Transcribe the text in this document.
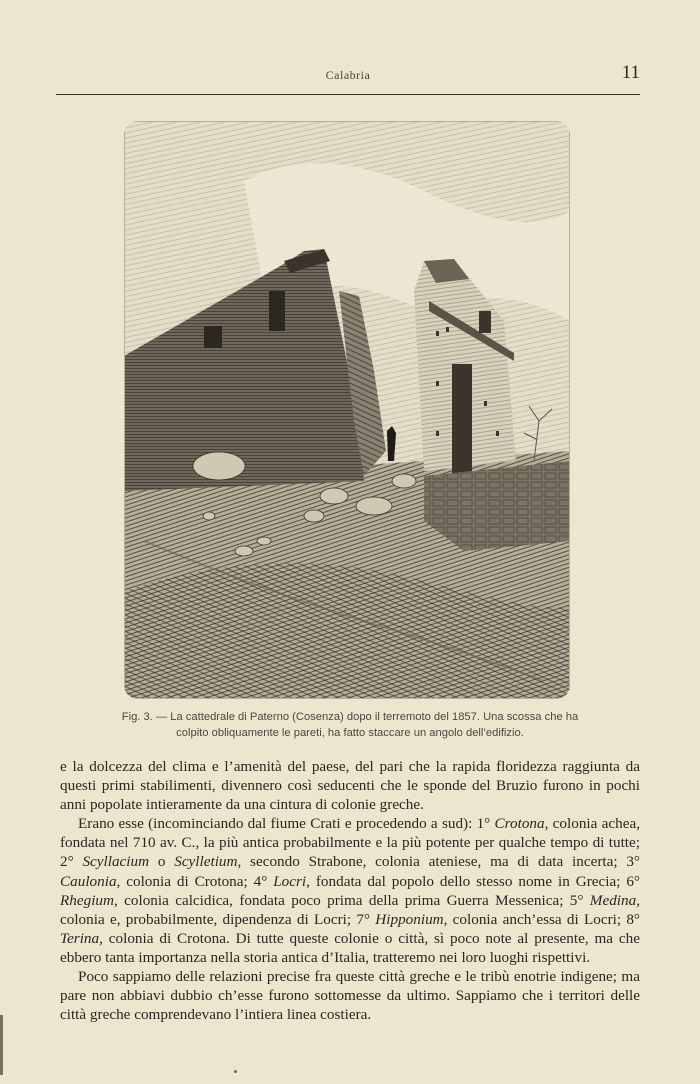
Calabria	11
Fig. 3. — La cattedrale di Paterno (Cosenza) dopo il terremoto del 1857. Una scossa che ha
colpito obliquamente le pareti, ha fatto staccare un angolo dell’edifizio.

e la dolcezza del clima e l’amenità del paese, del pari che la rapida floridezza raggiunta da questi primi stabilimenti, divennero così seducenti che le sponde del Bruzio furono in pochi anni popolate intieramente da una cintura di colonie greche.

Erano esse (incominciando dal fiume Crati e procedendo a sud): 1° Crotona, colonia achea, fondata nel 710 av. C., la più antica probabilmente e la più potente per qualche tempo di tutte; 2° Scyllacium o Scylletium, secondo Strabone, colonia ateniese, ma di data incerta; 3° Caulonia, colonia di Crotona; 4° Locri, fondata dal popolo dello stesso nome in Grecia; 6° Rhegium, colonia calcidica, fondata poco prima della prima Guerra Messenica; 5° Medina, colonia e, probabilmente, dipendenza di Locri; 7° Hipponium, colonia anch’essa di Locri; 8° Terina, colonia di Crotona. Di tutte queste colonie o città, sì poco note al presente, ma che ebbero tanta importanza nella storia antica d’Italia, tratteremo nei loro luoghi rispettivi.

Poco sappiamo delle relazioni precise fra queste città greche e le tribù enotrie indigene; ma pare non abbiavi dubbio ch’esse furono sottomesse da ultimo. Sappiamo che i territori delle città greche comprendevano l’intiera linea costiera.
